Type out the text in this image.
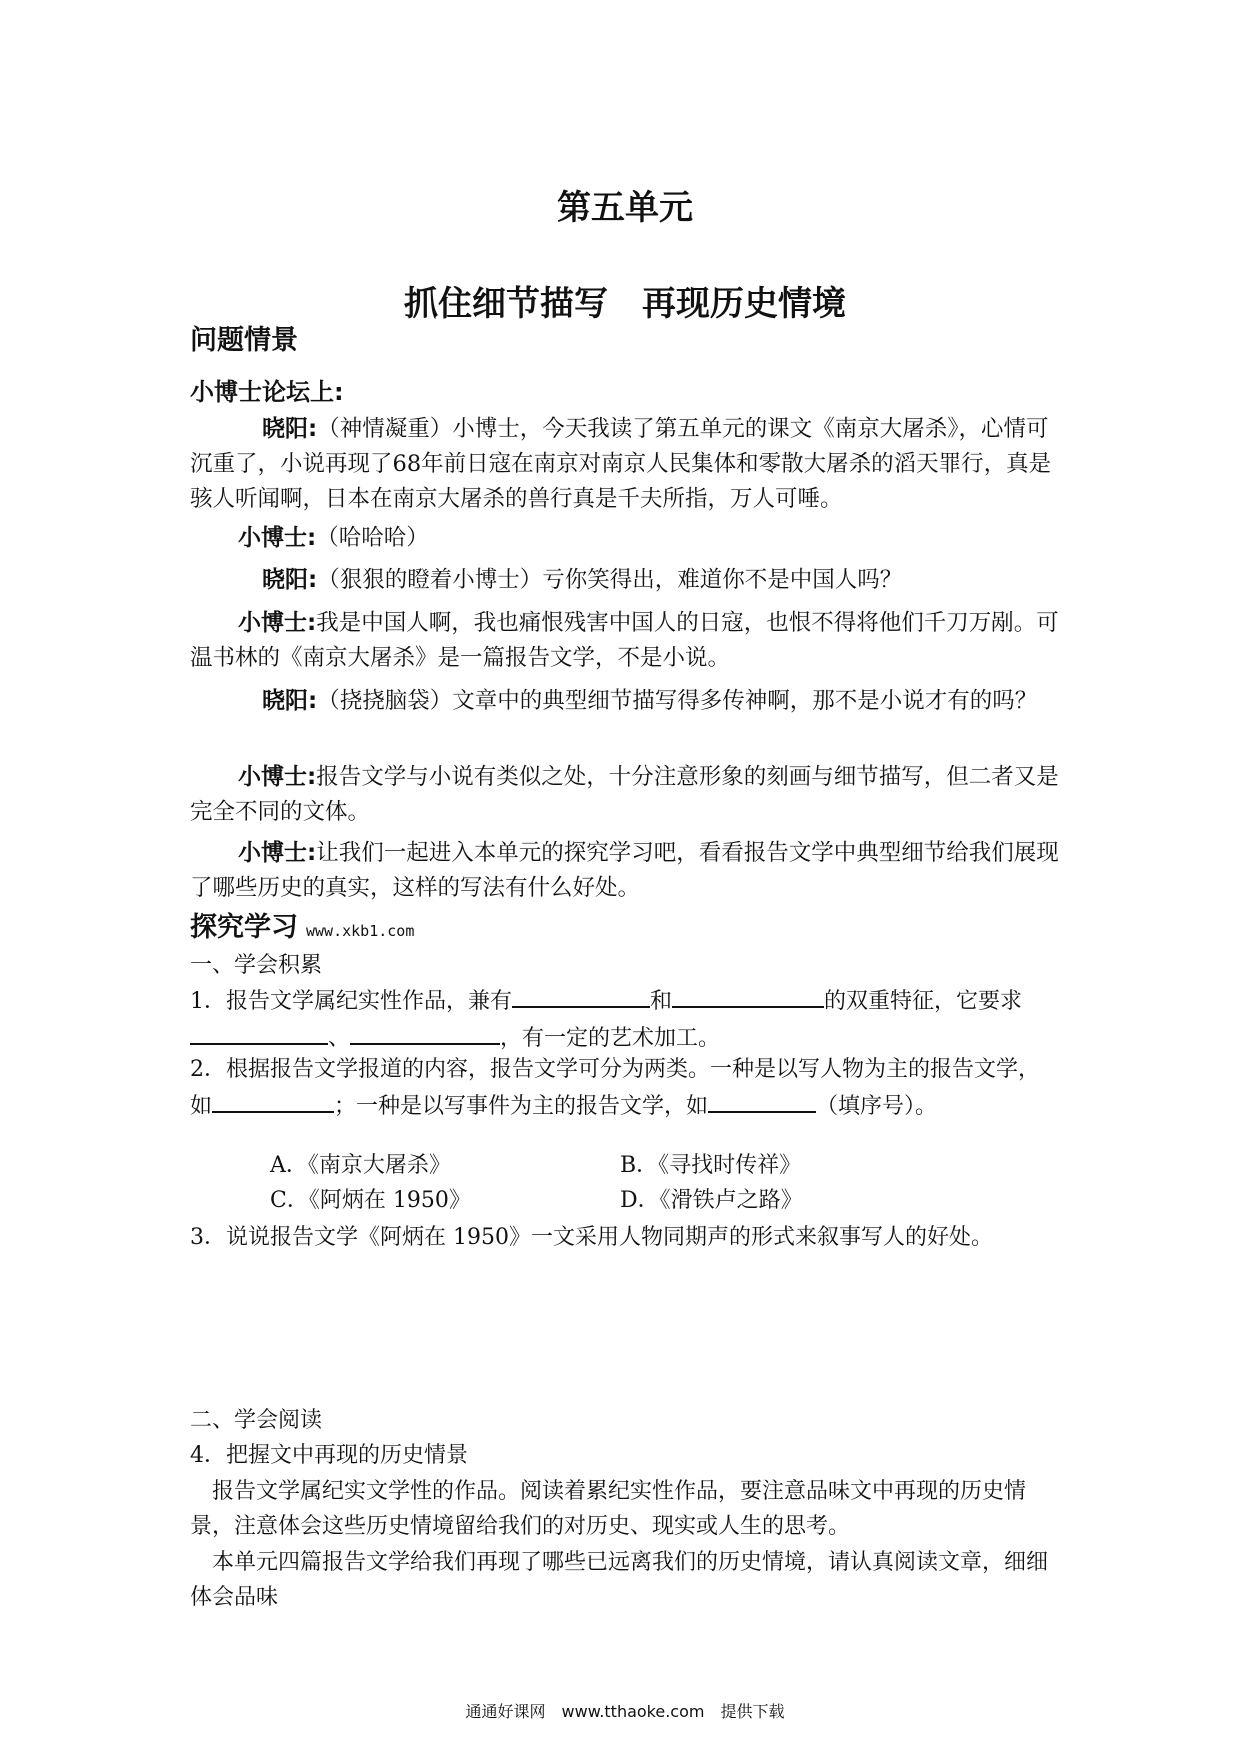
第五单元
抓住细节描写　再现历史情境
问题情景
小博士论坛上:

晓阳:（神情凝重）小博士，今天我读了第五单元的课文《南京大屠杀》，心情可沉重了，小说再现了68年前日寇在南京对南京人民集体和零散大屠杀的滔天罪行，真是骇人听闻啊，日本在南京大屠杀的兽行真是千夫所指，万人可唾。

小博士:（哈哈哈）

晓阳:（狠狠的瞪着小博士）亏你笑得出，难道你不是中国人吗？

小博士:我是中国人啊，我也痛恨残害中国人的日寇，也恨不得将他们千刀万剐。可温书林的《南京大屠杀》是一篇报告文学，不是小说。

晓阳:（挠挠脑袋）文章中的典型细节描写得多传神啊，那不是小说才有的吗？

小博士:报告文学与小说有类似之处，十分注意形象的刻画与细节描写，但二者又是完全不同的文体。

小博士:让我们一起进入本单元的探究学习吧，看看报告文学中典型细节给我们展现了哪些历史的真实，这样的写法有什么好处。

探究学习 www.xkb1.com

一、学会积累

1．报告文学属纪实性作品，兼有	和	的双重特征，它要求、	，有一定的艺术加工。

2．根据报告文学报道的内容，报告文学可分为两类。一种是以写人物为主的报告文学，如	；一种是以写事件为主的报告文学，如	（填序号）。

A．《南京大屠杀》	B．《寻找时传祥》

C．《阿炳在 1950》	D．《滑铁卢之路》

3．说说报告文学《阿炳在 1950》一文采用人物同期声的形式来叙事写人的好处。

二、学会阅读

4．把握文中再现的历史情景

报告文学属纪实文学性的作品。阅读着累纪实性作品，要注意品味文中再现的历史情景，注意体会这些历史情境留给我们的对历史、现实或人生的思考。

本单元四篇报告文学给我们再现了哪些已远离我们的历史情境，请认真阅读文章，细细体会品味

通通好课网　www.tthaoke.com　提供下载
